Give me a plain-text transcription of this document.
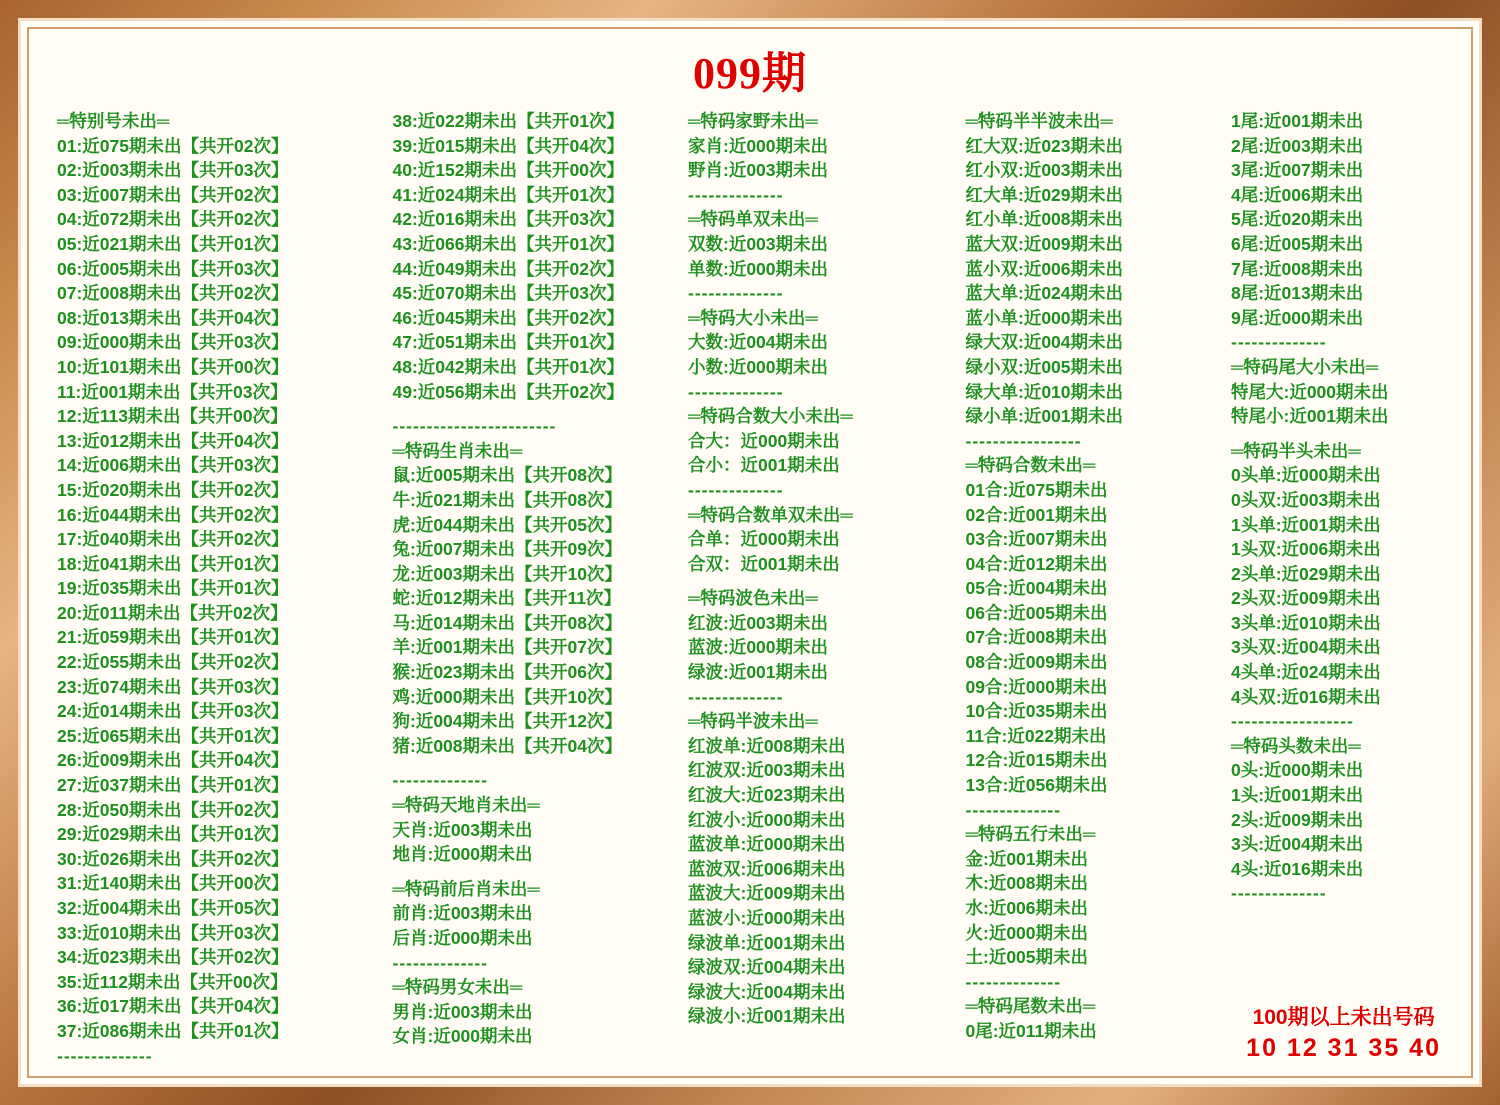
099期
═特别号未出═
01:近075期未出【共开02次】
02:近003期未出【共开03次】
03:近007期未出【共开02次】
04:近072期未出【共开02次】
05:近021期未出【共开01次】
06:近005期未出【共开03次】
07:近008期未出【共开02次】
08:近013期未出【共开04次】
09:近000期未出【共开03次】
10:近101期未出【共开00次】
11:近001期未出【共开03次】
12:近113期未出【共开00次】
13:近012期未出【共开04次】
14:近006期未出【共开03次】
15:近020期未出【共开02次】
16:近044期未出【共开02次】
17:近040期未出【共开02次】
18:近041期未出【共开01次】
19:近035期未出【共开01次】
20:近011期未出【共开02次】
21:近059期未出【共开01次】
22:近055期未出【共开02次】
23:近074期未出【共开03次】
24:近014期未出【共开03次】
25:近065期未出【共开01次】
26:近009期未出【共开04次】
27:近037期未出【共开01次】
28:近050期未出【共开02次】
29:近029期未出【共开01次】
30:近026期未出【共开02次】
31:近140期未出【共开00次】
32:近004期未出【共开05次】
33:近010期未出【共开03次】
34:近023期未出【共开02次】
35:近112期未出【共开00次】
36:近017期未出【共开04次】
37:近086期未出【共开01次】
--------------
38:近022期未出【共开01次】
39:近015期未出【共开04次】
40:近152期未出【共开00次】
41:近024期未出【共开01次】
42:近016期未出【共开03次】
43:近066期未出【共开01次】
44:近049期未出【共开02次】
45:近070期未出【共开03次】
46:近045期未出【共开02次】
47:近051期未出【共开01次】
48:近042期未出【共开01次】
49:近056期未出【共开02次】
------------------------
═特码生肖未出═
鼠:近005期未出【共开08次】
牛:近021期未出【共开08次】
虎:近044期未出【共开05次】
兔:近007期未出【共开09次】
龙:近003期未出【共开10次】
蛇:近012期未出【共开11次】
马:近014期未出【共开08次】
羊:近001期未出【共开07次】
猴:近023期未出【共开06次】
鸡:近000期未出【共开10次】
狗:近004期未出【共开12次】
猪:近008期未出【共开04次】
--------------
═特码天地肖未出═
天肖:近003期未出
地肖:近000期未出
═特码前后肖未出═
前肖:近003期未出
后肖:近000期未出
--------------
═特码男女未出═
男肖:近003期未出
女肖:近000期未出
═特码家野未出═
家肖:近000期未出
野肖:近003期未出
--------------
═特码单双未出═
双数:近003期未出
单数:近000期未出
--------------
═特码大小未出═
大数:近004期未出
小数:近000期未出
--------------
═特码合数大小未出═
合大：近000期未出
合小：近001期未出
--------------
═特码合数单双未出═
合单：近000期未出
合双：近001期未出
═特码波色未出═
红波:近003期未出
蓝波:近000期未出
绿波:近001期未出
--------------
═特码半波未出═
红波单:近008期未出
红波双:近003期未出
红波大:近023期未出
红波小:近000期未出
蓝波单:近000期未出
蓝波双:近006期未出
蓝波大:近009期未出
蓝波小:近000期未出
绿波单:近001期未出
绿波双:近004期未出
绿波大:近004期未出
绿波小:近001期未出
═特码半半波未出═
红大双:近023期未出
红小双:近003期未出
红大单:近029期未出
红小单:近008期未出
蓝大双:近009期未出
蓝小双:近006期未出
蓝大单:近024期未出
蓝小单:近000期未出
绿大双:近004期未出
绿小双:近005期未出
绿大单:近010期未出
绿小单:近001期未出
-----------------
═特码合数未出═
01合:近075期未出
02合:近001期未出
03合:近007期未出
04合:近012期未出
05合:近004期未出
06合:近005期未出
07合:近008期未出
08合:近009期未出
09合:近000期未出
10合:近035期未出
11合:近022期未出
12合:近015期未出
13合:近056期未出
--------------
═特码五行未出═
金:近001期未出
木:近008期未出
水:近006期未出
火:近000期未出
土:近005期未出
--------------
═特码尾数未出═
0尾:近011期未出
1尾:近001期未出
2尾:近003期未出
3尾:近007期未出
4尾:近006期未出
5尾:近020期未出
6尾:近005期未出
7尾:近008期未出
8尾:近013期未出
9尾:近000期未出
--------------
═特码尾大小未出═
特尾大:近000期未出
特尾小:近001期未出
═特码半头未出═
0头单:近000期未出
0头双:近003期未出
1头单:近001期未出
1头双:近006期未出
2头单:近029期未出
2头双:近009期未出
3头单:近010期未出
3头双:近004期未出
4头单:近024期未出
4头双:近016期未出
------------------
═特码头数未出═
0头:近000期未出
1头:近001期未出
2头:近009期未出
3头:近004期未出
4头:近016期未出
--------------
100期以上未出号码
10 12 31 35 40
